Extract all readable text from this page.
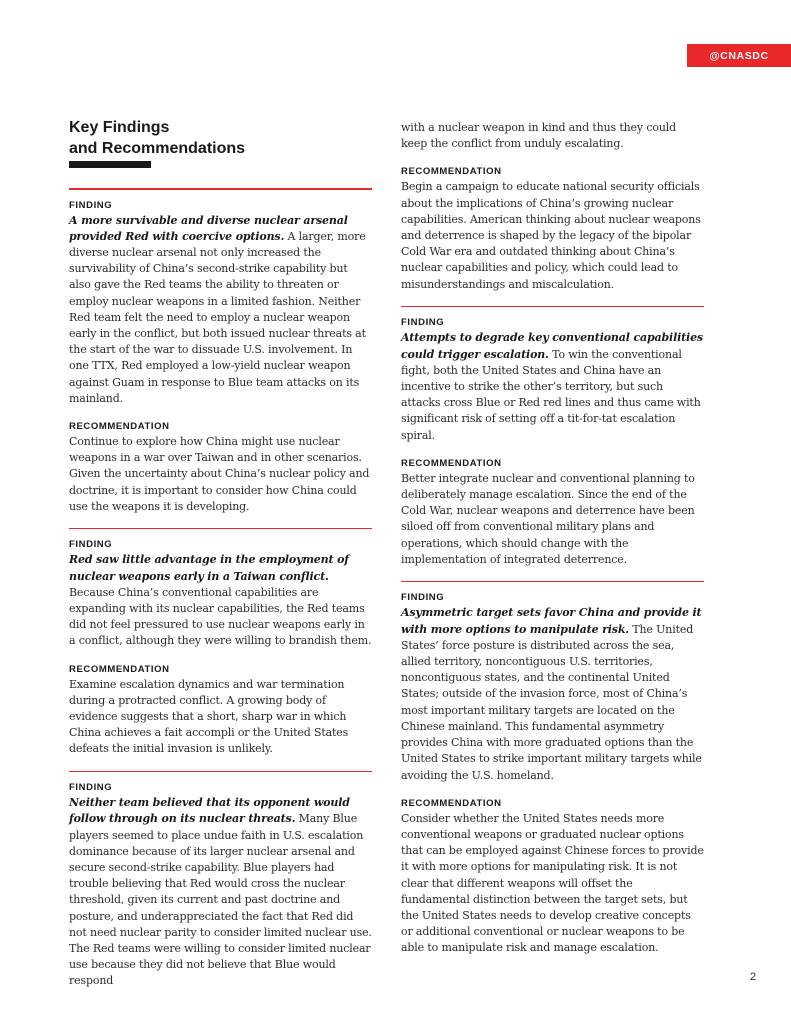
@CNASDC
Key Findings
and Recommendations
FINDING

A more survivable and diverse nuclear arsenal provided Red with coercive options. A larger, more diverse nuclear arsenal not only increased the survivability of China’s second-strike capability but also gave the Red teams the ability to threaten or employ nuclear weapons in a limited fashion. Neither Red team felt the need to employ a nuclear weapon early in the conflict, but both issued nuclear threats at the start of the war to dissuade U.S. involvement. In one TTX, Red employed a low-yield nuclear weapon against Guam in response to Blue team attacks on its mainland.

RECOMMENDATION

Continue to explore how China might use nuclear weapons in a war over Taiwan and in other scenarios. Given the uncertainty about China’s nuclear policy and doctrine, it is important to consider how China could use the weapons it is developing.

FINDING

Red saw little advantage in the employment of nuclear weapons early in a Taiwan conflict. Because China’s conventional capabilities are expanding with its nuclear capabilities, the Red teams did not feel pressured to use nuclear weapons early in a conflict, although they were willing to brandish them.

RECOMMENDATION

Examine escalation dynamics and war termination during a protracted conflict. A growing body of evidence suggests that a short, sharp war in which China achieves a fait accompli or the United States defeats the initial invasion is unlikely.

FINDING

Neither team believed that its opponent would follow through on its nuclear threats. Many Blue players seemed to place undue faith in U.S. escalation dominance because of its larger nuclear arsenal and secure second-strike capability. Blue players had trouble believing that Red would cross the nuclear threshold, given its current and past doctrine and posture, and underappreciated the fact that Red did not need nuclear parity to consider limited nuclear use. The Red teams were willing to consider limited nuclear use because they did not believe that Blue would respond

with a nuclear weapon in kind and thus they could keep the conflict from unduly escalating.

RECOMMENDATION

Begin a campaign to educate national security officials about the implications of China’s growing nuclear capabilities. American thinking about nuclear weapons and deterrence is shaped by the legacy of the bipolar Cold War era and outdated thinking about China’s nuclear capabilities and policy, which could lead to misunderstandings and miscalculation.

FINDING

Attempts to degrade key conventional capabilities could trigger escalation. To win the conventional fight, both the United States and China have an incentive to strike the other’s territory, but such attacks cross Blue or Red red lines and thus came with significant risk of setting off a tit-for-tat escalation spiral.

RECOMMENDATION

Better integrate nuclear and conventional planning to deliberately manage escalation. Since the end of the Cold War, nuclear weapons and deterrence have been siloed off from conventional military plans and operations, which should change with the implementation of integrated deterrence.

FINDING

Asymmetric target sets favor China and provide it with more options to manipulate risk. The United States’ force posture is distributed across the sea, allied territory, noncontiguous U.S. territories, noncontiguous states, and the continental United States; outside of the invasion force, most of China’s most important military targets are located on the Chinese mainland. This fundamental asymmetry provides China with more graduated options than the United States to strike important military targets while avoiding the U.S. homeland.

RECOMMENDATION

Consider whether the United States needs more conventional weapons or graduated nuclear options that can be employed against Chinese forces to provide it with more options for manipulating risk. It is not clear that different weapons will offset the fundamental distinction between the target sets, but the United States needs to develop creative concepts or additional conventional or nuclear weapons to be able to manipulate risk and manage escalation.

2
